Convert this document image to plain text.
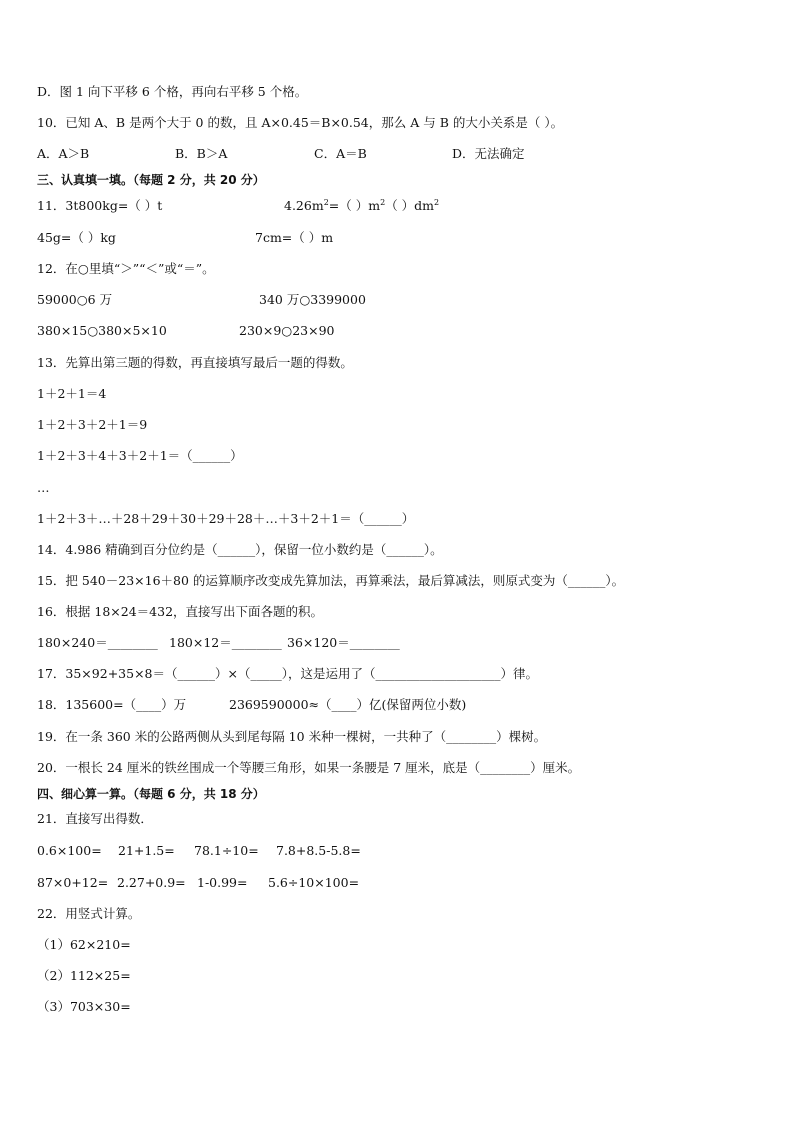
D．图 1 向下平移 6 个格，再向右平移 5 个格。
10．已知 A、B 是两个大于 0 的数，且 A×0.45＝B×0.54，那么 A 与 B 的大小关系是（ ）。
A．A＞B	B．B＞A	C．A＝B	D．无法确定
三、认真填一填。（每题 2 分，共 20 分）
11．3t800kg=（ ）t	$4.26m^2=$（ ）$m^2$（ ）$dm^2$
45g=（ ）kg	7cm=（ ）m
12．在○里填“＞”“＜”或“＝”。
59000○6 万	340 万○3399000
380×15○380×5×10	230×9○23×90
13．先算出第三题的得数，再直接填写最后一题的得数。
1＋2＋1＝4
1＋2＋3＋2＋1＝9
1＋2＋3＋4＋3＋2＋1＝（______）
…
1＋2＋3＋…＋28＋29＋30＋29＋28＋…＋3＋2＋1＝（______）
14．4.986 精确到百分位约是（______），保留一位小数约是（______）。
15．把 540－23×16＋80 的运算顺序改变成先算加法，再算乘法，最后算减法，则原式变为（______）。
16．根据 18×24＝432，直接写出下面各题的积。
180×240＝________ 180×12＝________ 36×120＝________
17．35×92+35×8＝（______）×（_____），这是运用了（____________________）律。
18．135600=（____）万	2369590000≈（____）亿(保留两位小数)
19．在一条 360 米的公路两侧从头到尾每隔 10 米种一棵树，一共种了（________）棵树。
20．一根长 24 厘米的铁丝围成一个等腰三角形，如果一条腰是 7 厘米，底是（________）厘米。
四、细心算一算。（每题 6 分，共 18 分）
21．直接写出得数．
0.6×100= 21+1.5= 78.1÷10= 7.8+8.5-5.8=
87×0+12= 2.27+0.9= 1-0.99= 5.6÷10×100=
22．用竖式计算。
（1）62×210=
（2）112×25=
（3）703×30=
